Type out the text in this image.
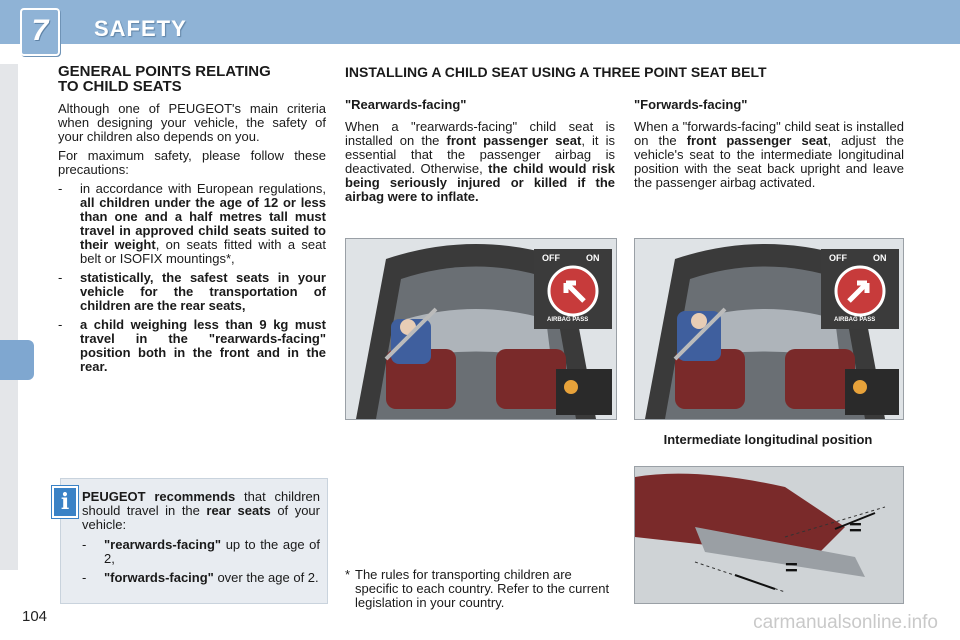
7	SAFETY
GENERAL POINTS RELATING
TO CHILD SEATS

Although one of PEUGEOT's main criteria when designing your vehicle, the safety of your children also depends on you.

For maximum safety, please follow these precautions:

-	in accordance with European regulations, all children under the age of 12 or less than one and a half metres tall must travel in approved child seats suited to their weight, on seats fitted with a seat belt or ISOFIX mountings*,
-	statistically, the safest seats in your vehicle for the transportation of children are the rear seats,
-	a child weighing less than 9 kg must travel in the "rearwards-facing" position both in the front and in the rear.
INSTALLING A CHILD SEAT USING A THREE POINT SEAT BELT
"Rearwards-facing"
When a "rearwards-facing" child seat is installed on the front passenger seat, it is essential that the passenger airbag is deactivated. Otherwise, the child would risk being seriously injured or killed if the airbag were to inflate.
"Forwards-facing"
When a "forwards-facing" child seat is installed on the front passenger seat, adjust the vehicle's seat to the intermediate longitudinal position with the seat back upright and leave the passenger airbag activated.
OFF	ON
AIRBAG PASS
OFF	ON
AIRBAG PASS
Intermediate longitudinal position
=
=
i PEUGEOT recommends that children should travel in the rear seats of your vehicle:
-	"rearwards-facing" up to the age of 2,
-	"forwards-facing" over the age of 2. * The rules for transporting children are specific to each country. Refer to the current legislation in your country.
104	carmanualsonline.info
